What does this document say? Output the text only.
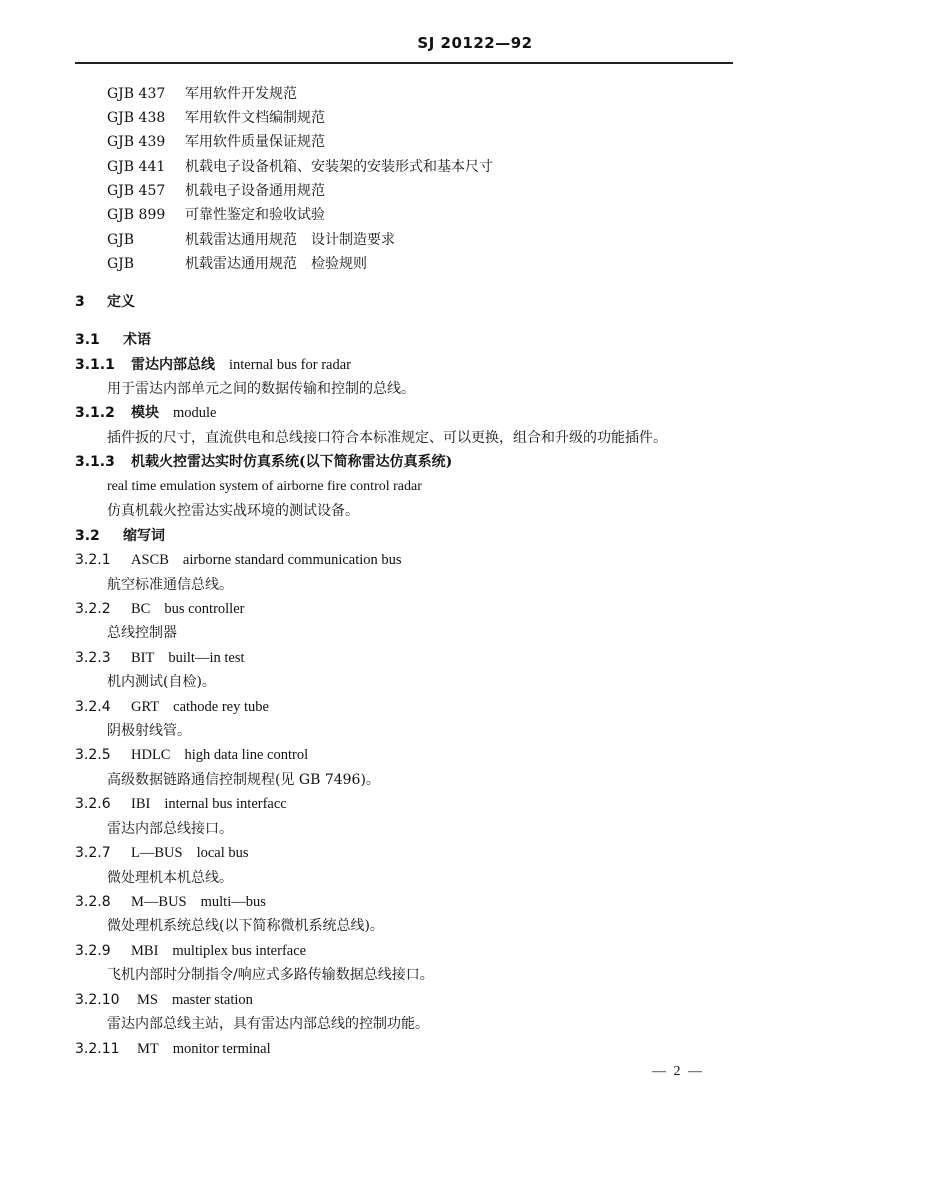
SJ 20122—92
GJB 437 军用软件开发规范
GJB 438 军用软件文档编制规范
GJB 439 军用软件质量保证规范
GJB 441 机载电子设备机箱、安装架的安装形式和基本尺寸
GJB 457 机载电子设备通用规范
GJB 899 可靠性鉴定和验收试验
GJB	机载雷达通用规范　设计制造要求
GJB	机载雷达通用规范　检验规则
3 定义
3.1 术语
3.1.1 雷达内部总线 internal bus for radar
用于雷达内部单元之间的数据传输和控制的总线。
3.1.2 模块 module
插件扳的尺寸，直流供电和总线接口符合本标准规定、可以更换，组合和升级的功能插件。
3.1.3 机载火控雷达实时仿真系统(以下简称雷达仿真系统)
real time emulation system of airborne fire control radar
仿真机载火控雷达实战环境的测试设备。
3.2 缩写词
3.2.1 ASCB airborne standard communication bus
航空标准通信总线。
3.2.2 BC bus controller
总线控制器
3.2.3 BIT built—in test
机内测试(自检)。
3.2.4 GRT cathode rey tube
阴极射线管。
3.2.5 HDLC high data line control
高级数据链路通信控制规程(见 GB 7496)。
3.2.6 IBI internal bus interfacc
雷达内部总线接口。
3.2.7 L—BUS local bus
微处理机本机总线。
3.2.8 M—BUS multi—bus
微处理机系统总线(以下简称微机系统总线)。
3.2.9 MBI multiplex bus interface
飞机内部时分制指令/响应式多路传输数据总线接口。
3.2.10 MS master station
雷达内部总线主站，具有雷达内部总线的控制功能。
3.2.11 MT monitor terminal
— 2 —
